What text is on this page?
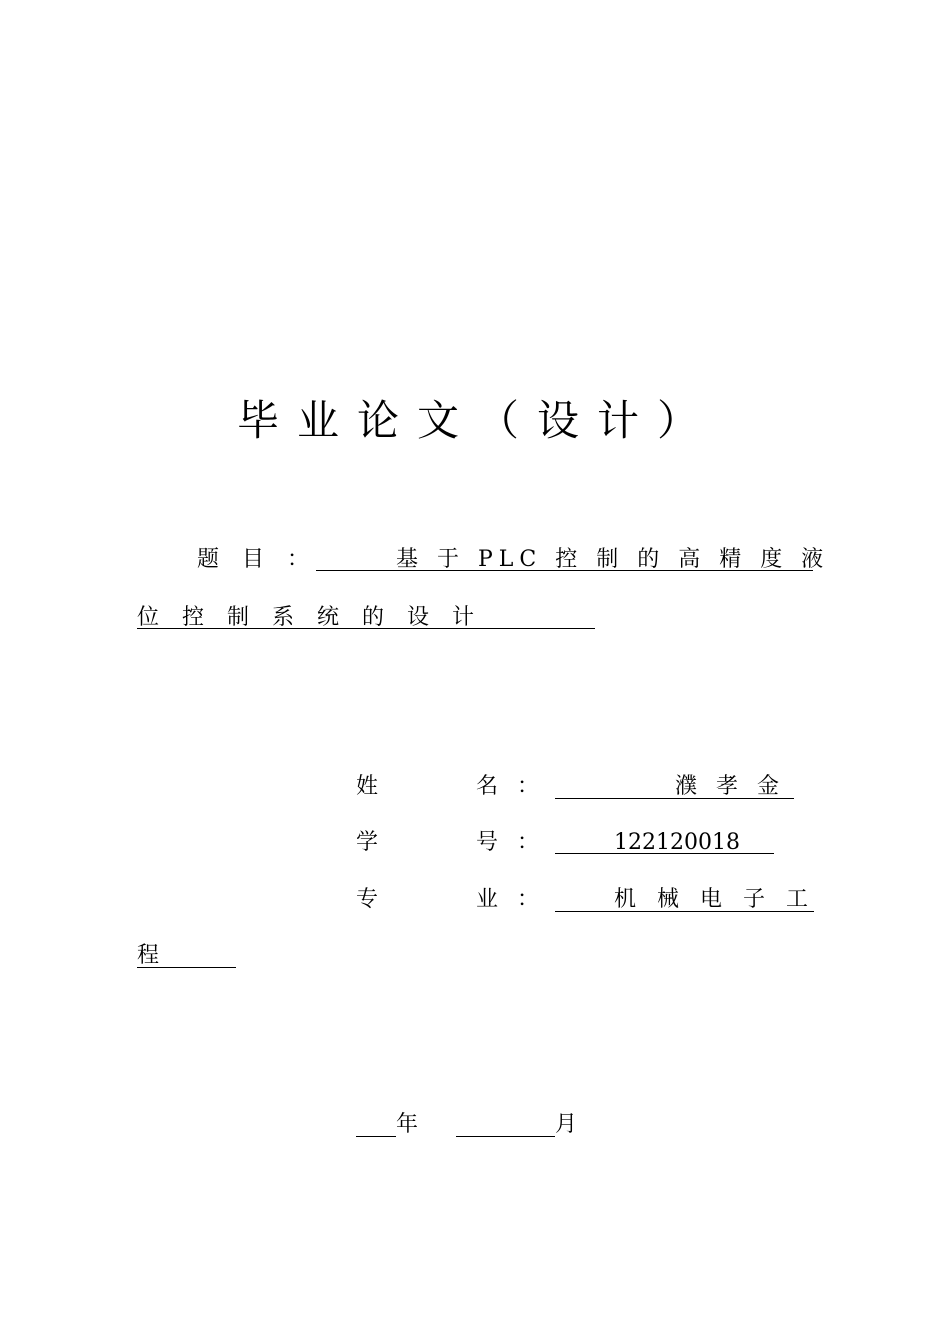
毕业论文（设计）
题 目 ：	基 于 PLC 控 制 的 高 精 度 液
位 控 制 系 统 的 设 计
姓	名 ：	濮 孝 金
学	号 ：	122120018
专	业 ：	机 械 电 子 工
程
年	月
